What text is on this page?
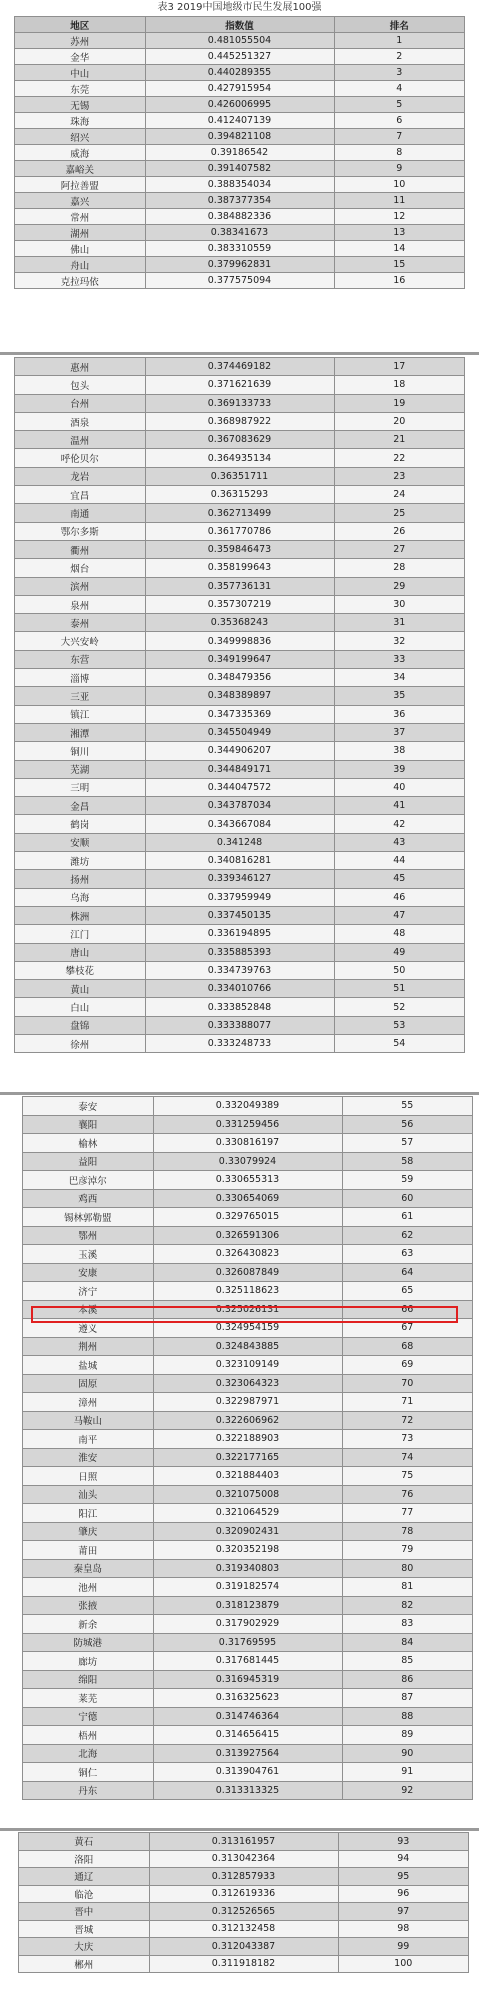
表3 2019中国地级市民生发展100强
地区	指数值	排名
苏州	0.481055504	1
金华	0.445251327	2
中山	0.440289355	3
东莞	0.427915954	4
无锡	0.426006995	5
珠海	0.412407139	6
绍兴	0.394821108	7
威海	0.39186542	8
嘉峪关	0.391407582	9
阿拉善盟	0.388354034	10
嘉兴	0.387377354	11
常州	0.384882336	12
湖州	0.38341673	13
佛山	0.383310559	14
舟山	0.379962831	15
克拉玛依	0.377575094	16
惠州	0.374469182	17
包头	0.371621639	18
台州	0.369133733	19
酒泉	0.368987922	20
温州	0.367083629	21
呼伦贝尔	0.364935134	22
龙岩	0.36351711	23
宜昌	0.36315293	24
南通	0.362713499	25
鄂尔多斯	0.361770786	26
衢州	0.359846473	27
烟台	0.358199643	28
滨州	0.357736131	29
泉州	0.357307219	30
泰州	0.35368243	31
大兴安岭	0.349998836	32
东营	0.349199647	33
淄博	0.348479356	34
三亚	0.348389897	35
镇江	0.347335369	36
湘潭	0.345504949	37
铜川	0.344906207	38
芜湖	0.344849171	39
三明	0.344047572	40
金昌	0.343787034	41
鹤岗	0.343667084	42
安顺	0.341248	43
潍坊	0.340816281	44
扬州	0.339346127	45
乌海	0.337959949	46
株洲	0.337450135	47
江门	0.336194895	48
唐山	0.335885393	49
攀枝花	0.334739763	50
黄山	0.334010766	51
白山	0.333852848	52
盘锦	0.333388077	53
徐州	0.333248733	54
泰安	0.332049389	55
襄阳	0.331259456	56
榆林	0.330816197	57
益阳	0.33079924	58
巴彦淖尔	0.330655313	59
鸡西	0.330654069	60
锡林郭勒盟	0.329765015	61
鄂州	0.326591306	62
玉溪	0.326430823	63
安康	0.326087849	64
济宁	0.325118623	65
本溪	0.325026131	66
遵义	0.324954159	67
荆州	0.324843885	68
盐城	0.323109149	69
固原	0.323064323	70
漳州	0.322987971	71
马鞍山	0.322606962	72
南平	0.322188903	73
淮安	0.322177165	74
日照	0.321884403	75
汕头	0.321075008	76
阳江	0.321064529	77
肇庆	0.320902431	78
莆田	0.320352198	79
秦皇岛	0.319340803	80
池州	0.319182574	81
张掖	0.318123879	82
新余	0.317902929	83
防城港	0.31769595	84
廊坊	0.317681445	85
绵阳	0.316945319	86
莱芜	0.316325623	87
宁德	0.314746364	88
梧州	0.314656415	89
北海	0.313927564	90
铜仁	0.313904761	91
丹东	0.313313325	92
黄石	0.313161957	93
洛阳	0.313042364	94
通辽	0.312857933	95
临沧	0.312619336	96
晋中	0.312526565	97
晋城	0.312132458	98
大庆	0.312043387	99
郴州	0.311918182	100
